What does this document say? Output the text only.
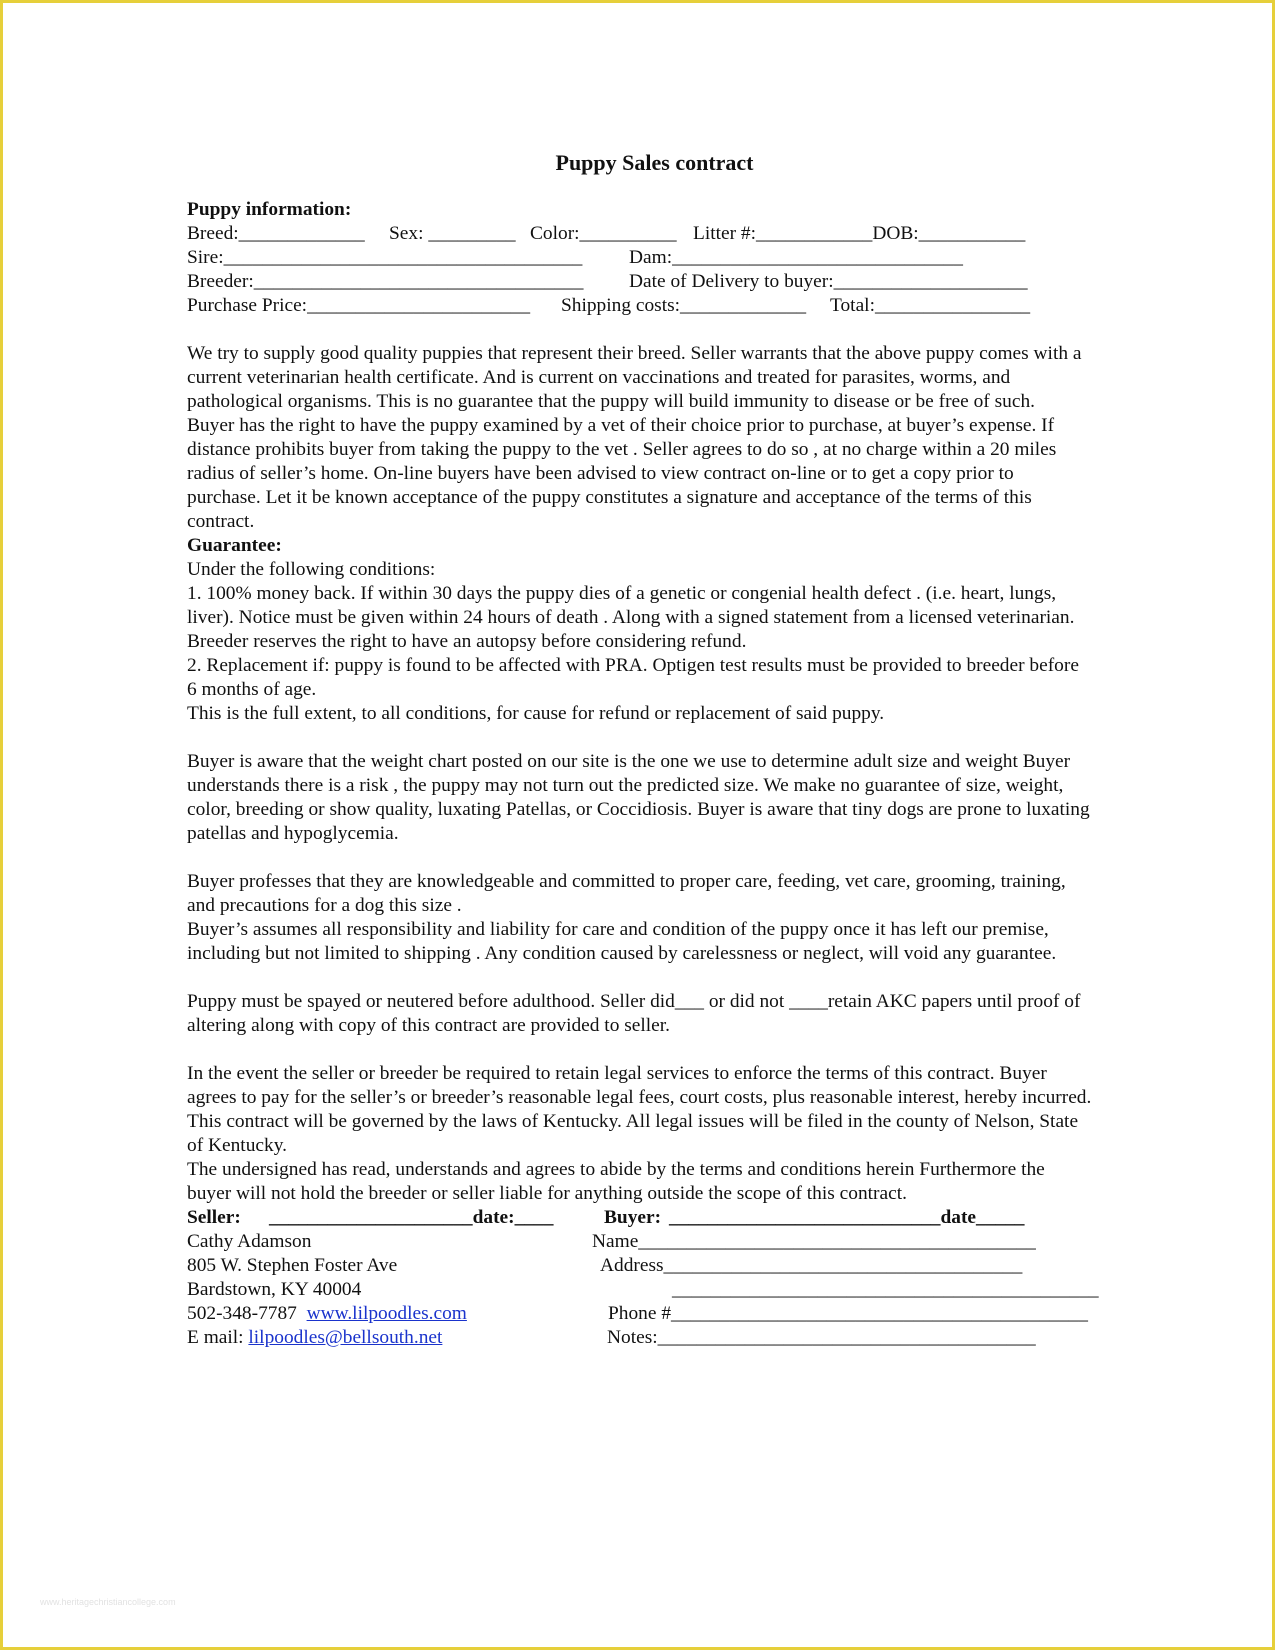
Puppy Sales contract
Puppy information:
Breed:_____________ Sex: _________ Color:__________ Litter #:____________DOB:___________
Sire:_____________________________________ Dam:______________________________
Breeder:__________________________________ Date of Delivery to buyer:____________________
Purchase Price:_______________________ Shipping costs:_____________ Total:________________

We try to supply good quality puppies that represent their breed. Seller warrants that the above puppy comes with a current veterinarian health certificate. And is current on vaccinations and treated for parasites, worms, and pathological organisms. This is no guarantee that the puppy will build immunity to disease or be free of such.

Buyer has the right to have the puppy examined by a vet of their choice prior to purchase, at buyer’s expense. If distance prohibits buyer from taking the puppy to the vet . Seller agrees to do so , at no charge within a 20 miles radius of seller’s home. On-line buyers have been advised to view contract on-line or to get a copy prior to purchase. Let it be known acceptance of the puppy constitutes a signature and acceptance of the terms of this contract.

Guarantee:

Under the following conditions:

1. 100% money back. If within 30 days the puppy dies of a genetic or congenial health defect . (i.e. heart, lungs, liver). Notice must be given within 24 hours of death . Along with a signed statement from a licensed veterinarian. Breeder reserves the right to have an autopsy before considering refund.

2. Replacement if: puppy is found to be affected with PRA. Optigen test results must be provided to breeder before 6 months of age.

This is the full extent, to all conditions, for cause for refund or replacement of said puppy.

Buyer is aware that the weight chart posted on our site is the one we use to determine adult size and weight Buyer understands there is a risk , the puppy may not turn out the predicted size. We make no guarantee of size, weight, color, breeding or show quality, luxating Patellas, or Coccidiosis. Buyer is aware that tiny dogs are prone to luxating patellas and hypoglycemia.

Buyer professes that they are knowledgeable and committed to proper care, feeding, vet care, grooming, training, and precautions for a dog this size .

Buyer’s assumes all responsibility and liability for care and condition of the puppy once it has left our premise, including but not limited to shipping . Any condition caused by carelessness or neglect, will void any guarantee.

Puppy must be spayed or neutered before adulthood. Seller did___ or did not ____retain AKC papers until proof of altering along with copy of this contract are provided to seller.

In the event the seller or breeder be required to retain legal services to enforce the terms of this contract. Buyer agrees to pay for the seller’s or breeder’s reasonable legal fees, court costs, plus reasonable interest, hereby incurred. This contract will be governed by the laws of Kentucky. All legal issues will be filed in the county of Nelson, State of Kentucky.

The undersigned has read, understands and agrees to abide by the terms and conditions herein Furthermore the buyer will not hold the breeder or seller liable for anything outside the scope of this contract.

Seller: _____________________date:____	Buyer: ____________________________date_____
Cathy Adamson	Name_________________________________________
805 W. Stephen Foster Ave	Address_____________________________________
Bardstown, KY 40004	____________________________________________
502-348-7787 www.lilpoodles.com	Phone #___________________________________________
E mail: lilpoodles@bellsouth.net	Notes:_______________________________________
www.heritagechristiancollege.com
